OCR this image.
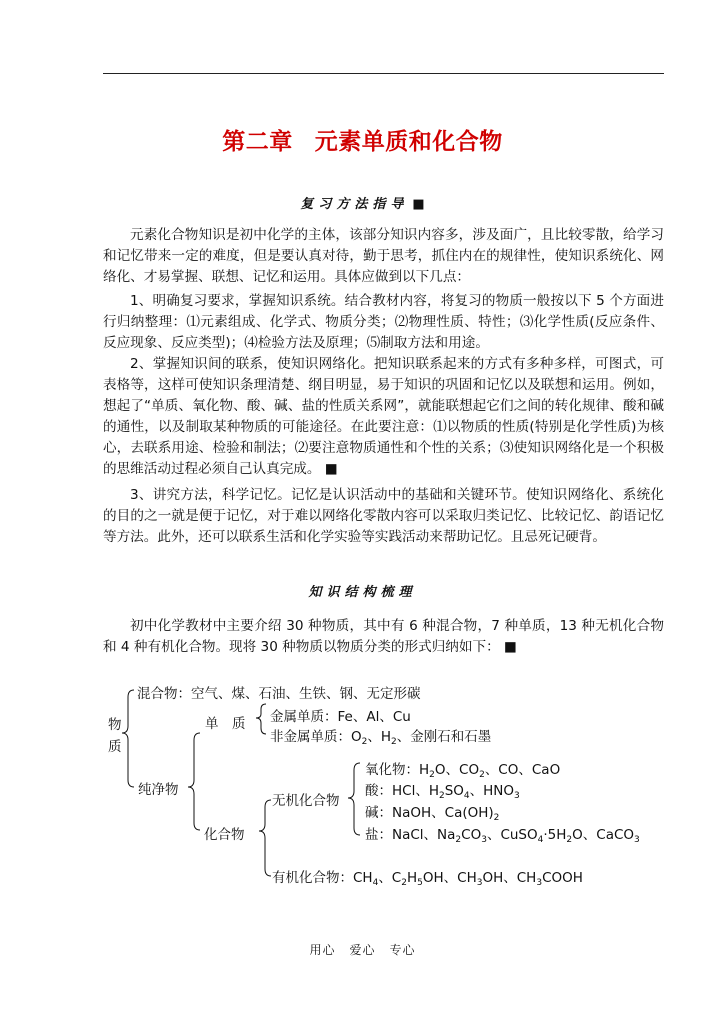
第二章 元素单质和化合物
复习方法指导 ■

元素化合物知识是初中化学的主体，该部分知识内容多，涉及面广，且比较零散，给学习和记忆带来一定的难度，但是要认真对待，勤于思考，抓住内在的规律性，使知识系统化、网络化、才易掌握、联想、记忆和运用。具体应做到以下几点：

1、明确复习要求，掌握知识系统。结合教材内容，将复习的物质一般按以下 5 个方面进行归纳整理：⑴元素组成、化学式、物质分类；⑵物理性质、特性；⑶化学性质(反应条件、反应现象、反应类型)；⑷检验方法及原理；⑸制取方法和用途。

2、掌握知识间的联系，使知识网络化。把知识联系起来的方式有多种多样，可图式，可表格等，这样可使知识条理清楚、纲目明显，易于知识的巩固和记忆以及联想和运用。例如，想起了“单质、氧化物、酸、碱、盐的性质关系网”，就能联想起它们之间的转化规律、酸和碱的通性，以及制取某种物质的可能途径。在此要注意：⑴以物质的性质(特别是化学性质)为核心，去联系用途、检验和制法；⑵要注意物质通性和个性的关系；⑶使知识网络化是一个积极的思维活动过程必须自己认真完成。 ■

3、讲究方法，科学记忆。记忆是认识活动中的基础和关键环节。使知识网络化、系统化的目的之一就是便于记忆，对于难以网络化零散内容可以采取归类记忆、比较记忆、韵语记忆等方法。此外，还可以联系生活和化学实验等实践活动来帮助记忆。且忌死记硬背。

知识结构梳理

初中化学教材中主要介绍 30 种物质，其中有 6 种混合物，7 种单质，13 种无机化合物和 4 种有机化合物。现将 30 种物质以物质分类的形式归纳如下： ■

混合物：空气、煤、石油、生铁、钢、无定形碳
物质
单　质 金属单质：Fe、Al、Cu
非金属单质：$O_2$、$H_2$、金刚石和石墨
纯净物
无机化合物
氧化物：$H_2O$、$CO_2$、CO、CaO
酸：HCl、$H_2SO_4$、$HNO_3$
碱：NaOH、$Ca(OH)_2$
盐：NaCl、$Na_2CO_3$、$CuSO_4\cdot 5H_2O$、CaCO$_3$
化合物
有机化合物：$CH_4$、$C_2H_5OH$、$CH_3OH$、$CH_3COOH$
用心 爱心 专心
